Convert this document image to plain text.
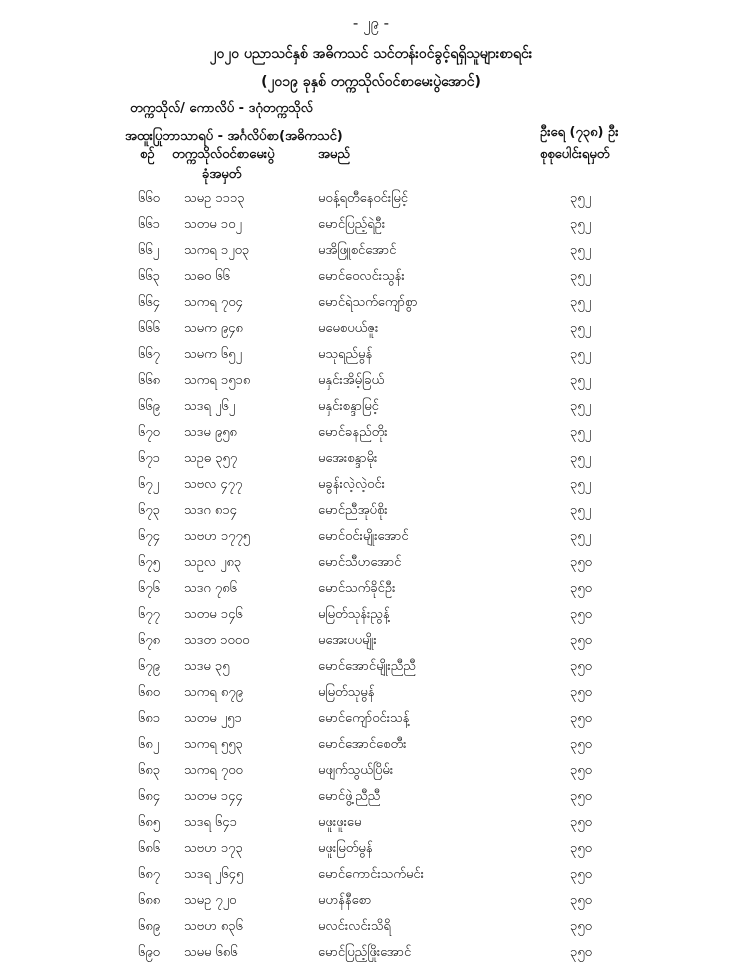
- ၂၉ -
၂၀၂၀ ပညာသင်နှစ် အဓိကသင် သင်တန်းဝင်ခွင့်ရရှိသူများစာရင်း
(၂၀၁၉ ခုနှစ် တက္ကသိုလ်ဝင်စာမေးပွဲအောင်)
တက္ကသိုလ်/ ကောလိပ် - ဒဂုံတက္ကသိုလ်
အထူးပြုဘာသာရပ် - အင်္ဂလိပ်စာ(အဓိကသင်)	ဦးရေ (၇၃၈) ဦး
စုစုပေါင်းရမှတ်
စဉ် တက္ကသိုလ်ဝင်စာမေးပွဲ
ခုံအမှတ်
အမည်
၆၆၀ သမဥ ၁၁၁၃	မဝန့်ရတီနေဝင်းမြင့်	၃၅၂
၆၆၁ သတမ ၁၀၂	မောင်ပြည့်ရဲဦး	၃၅၂
၆၆၂ သကရ ၁၂၀၃	မအိဖြူစင်အောင်	၃၅၂
၆၆၃ သဓဝ ၆၆	မောင်ဝေလင်းသွန်း	၃၅၂
၆၆၄ သကရ ၇၀၄	မောင်ရဲသက်ကျော်စွာ	၃၅၂
၆၆၆ သမက ၉၄၈	မမေစပယ်ဇူး	၃၅၂
၆၆၇ သမက ၆၅၂	မသုရည်မွန်	၃၅၂
၆၆၈ သကရ ၁၅၁၈	မနှင်းအိမ့်ခြယ်	၃၅၂
၆၆၉ သဒရ ၂၆၂	မနှင်းစန္ဒာမြင့်	၃၅၂
၆၇၀ သဒမ ၉၅၈	မောင်ခနည်တိုး	၃၅၂
၆၇၁ သဥဓ ၃၅၇	မအေးစန္ဒာမိုး	၃၅၂
၆၇၂ သဗလ ၄၇၇	မခွန်းလဲ့လဲ့ဝင်း	၃၅၂
၆၇၃ သဒဂ ၈၁၄	မောင်ညီအုပ်စိုး	၃၅၂
၆၇၄ သဗဟ ၁၇၇၅	မောင်ဝင်းမျိုးအောင်	၃၅၂
၆၇၅ သဥလ ၂၈၃	မောင်သီဟအောင်	၃၅၀
၆၇၆ သဒဂ ၇၈၆	မောင်သက်ခိုင်ဦး	၃၅၀
၆၇၇ သတမ ၁၄၆	မမြတ်သုန်းညွန့်	၃၅၀
၆၇၈ သဒတ ၁၀၀၀	မအေးပပမျိုး	၃၅၀
၆၇၉ သဒမ ၃၅	မောင်အောင်မျိုးညီညီ	၃၅၀
၆၈၀ သကရ ၈၇၉	မမြတ်သုမွန်	၃၅၀
၆၈၁ သတမ ၂၅၁	မောင်ကျော်ဝင်းသန့်	၃၅၀
၆၈၂ သကရ ၅၅၃	မောင်အောင်စေတီး	၃၅၀
၆၈၃ သကရ ၇၀၀	မဖျက်သွယ်ပြိမ်း	၃၅၀
၆၈၄ သတမ ၁၄၄	မောင်ဖွဲ့ညီညီ	၃၅၀
၆၈၅ သဒရ ၆၄၁	မဖူးဖူးမေ	၃၅၀
၆၈၆ သဗဟ ၁၇၃	မဖူးမြတ်မွန်	၃၅၀
၆၈၇ သဒရ ၂၆၄၅	မောင်ကောင်းသက်မင်း	၃၅၀
၆၈၈ သမဥ ၇၂၀	မဟန်နီစော	၃၅၀
၆၈၉ သဗဟ ၈၃၆	မလင်းလင်းသိရိ	၃၅၀
၆၉၀ သမမ ၆၈၆	မောင်ပြည့်ဖြိုးအောင်	၃၅၀
